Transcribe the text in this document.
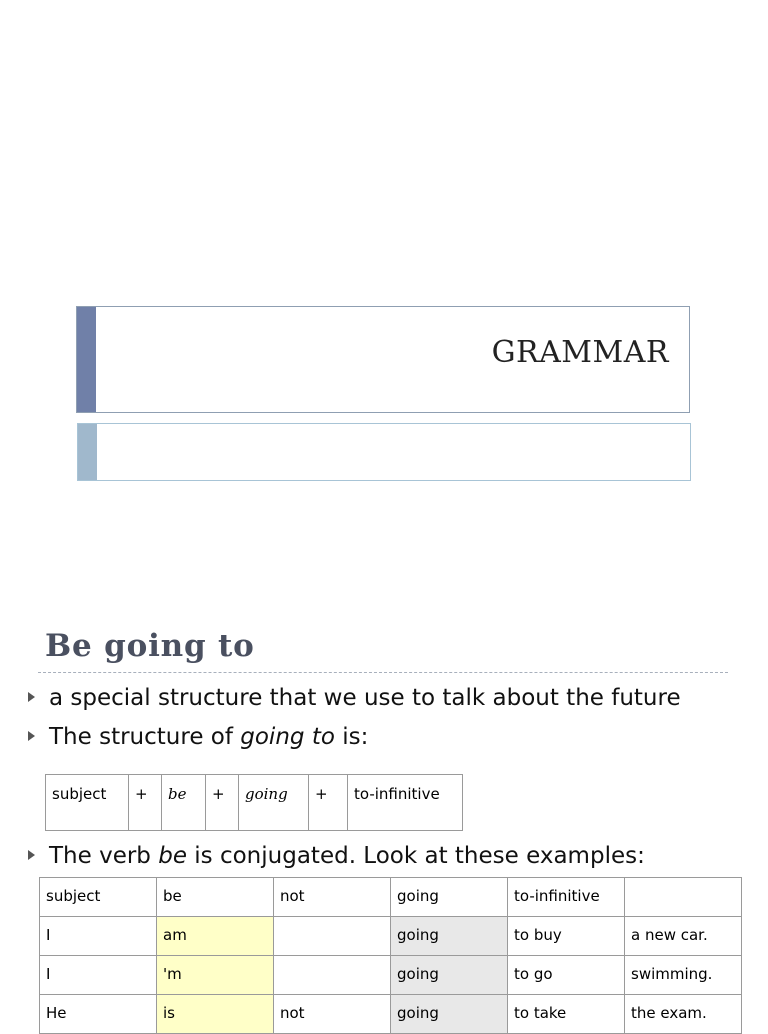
GRAMMAR
Be going to
a special structure that we use to talk about the future
The structure of going to is:
subject	+	be	+	going	+	to-infinitive
The verb be is conjugated. Look at these examples:
subject	be	not	going	to-infinitive	
I	am		going	to buy	a new car.
I	'm		going	to go	swimming.
He	is	not	going	to take	the exam.
